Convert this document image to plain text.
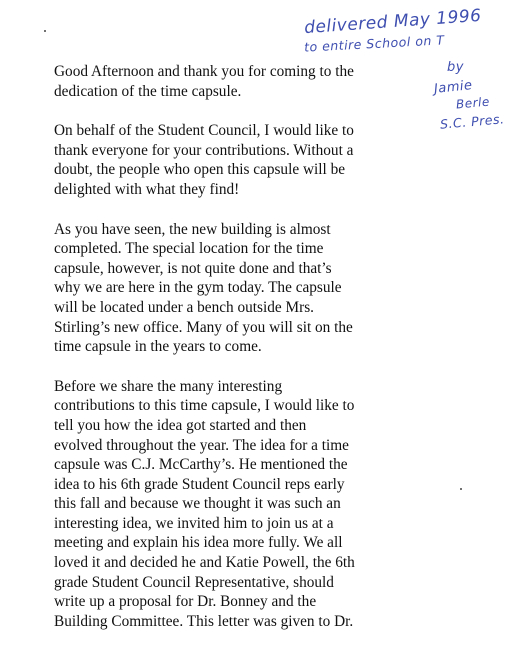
delivered May 1996
to entire School on T
by
Jamie
Berle
S.C. Pres.

Good Afternoon and thank you for coming to the
dedication of the time capsule.

On behalf of the Student Council, I would like to
thank everyone for your contributions. Without a
doubt, the people who open this capsule will be
delighted with what they find!

As you have seen, the new building is almost
completed. The special location for the time
capsule, however, is not quite done and that’s
why we are here in the gym today. The capsule
will be located under a bench outside Mrs.
Stirling’s new office. Many of you will sit on the
time capsule in the years to come.

Before we share the many interesting
contributions to this time capsule, I would like to
tell you how the idea got started and then
evolved throughout the year. The idea for a time
capsule was C.J. McCarthy’s. He mentioned the
idea to his 6th grade Student Council reps early
this fall and because we thought it was such an
interesting idea, we invited him to join us at a
meeting and explain his idea more fully. We all
loved it and decided he and Katie Powell, the 6th
grade Student Council Representative, should
write up a proposal for Dr. Bonney and the
Building Committee. This letter was given to Dr.
